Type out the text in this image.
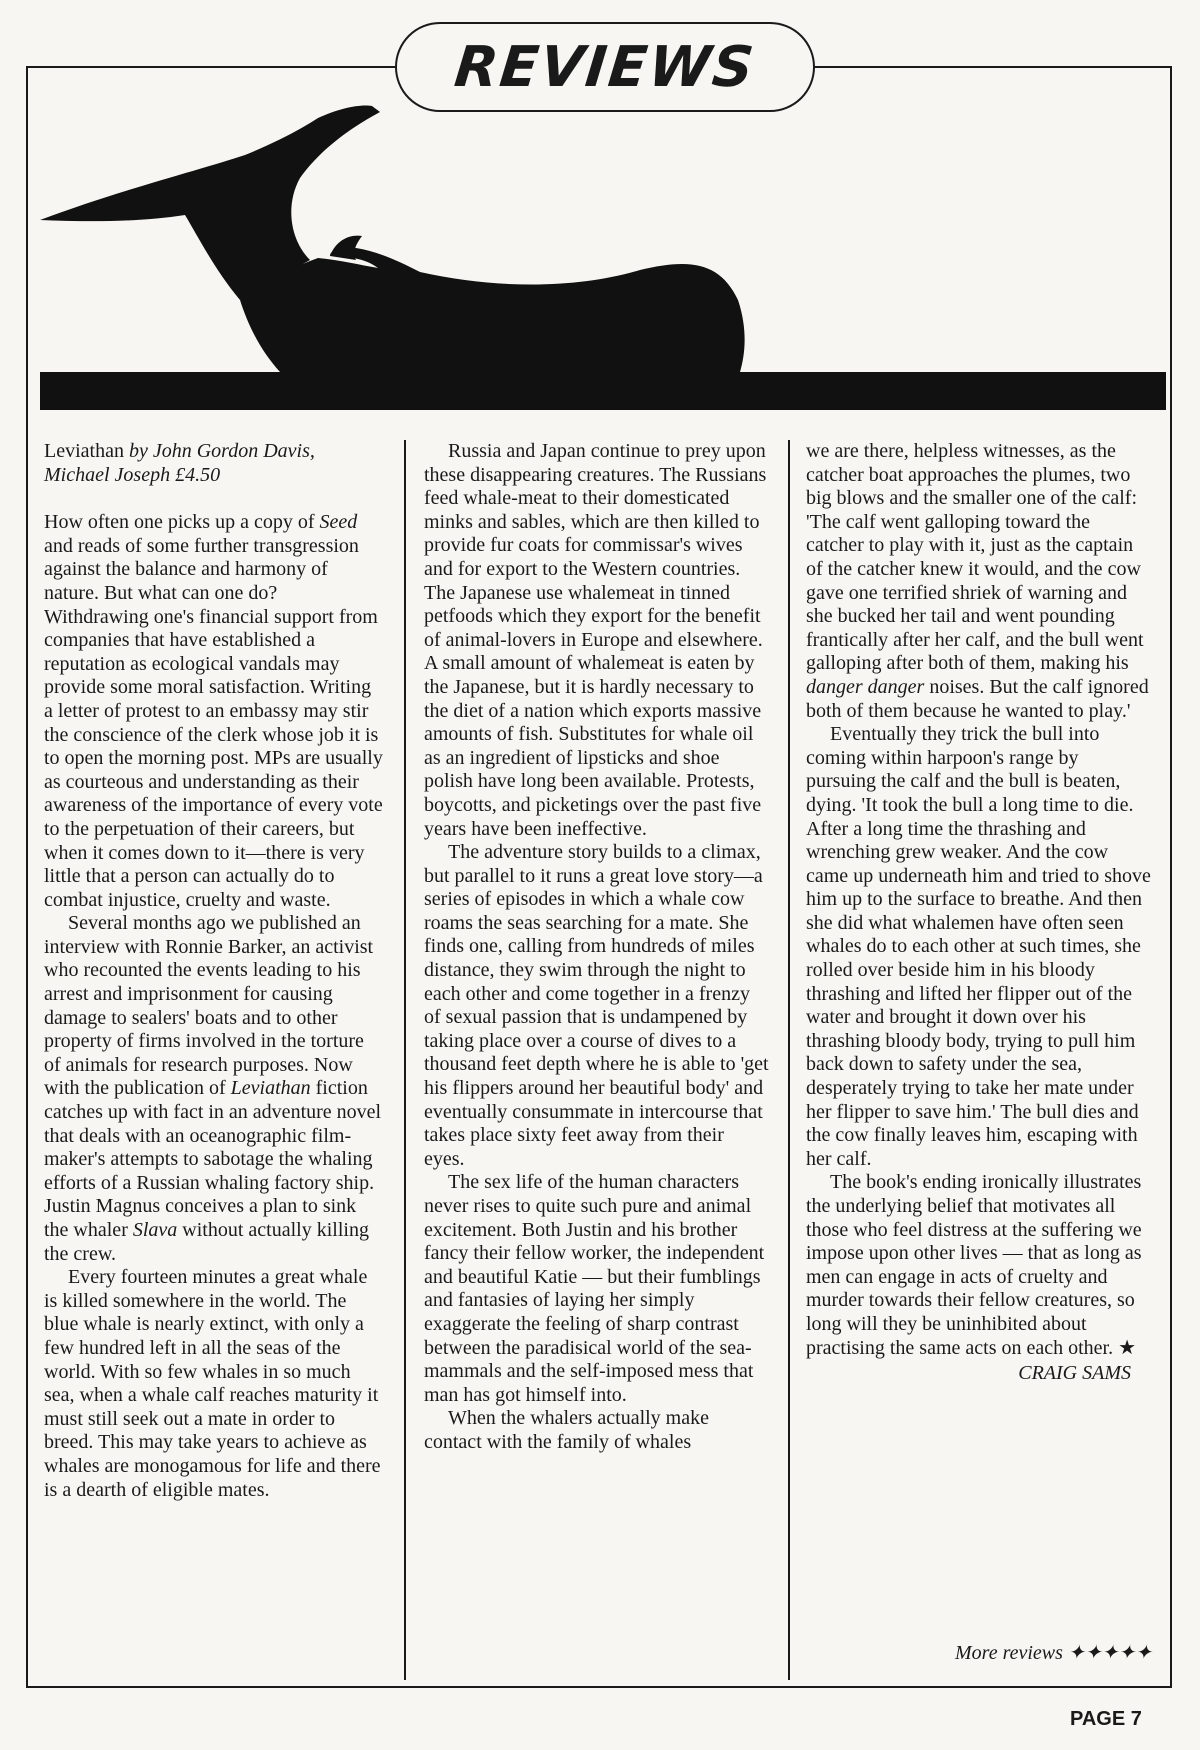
REVIEWS

Leviathan by John Gordon Davis,
Michael Joseph £4.50

How often one picks up a copy of Seed and reads of some further transgression against the balance and harmony of nature. But what can one do? Withdrawing one's financial support from companies that have established a reputation as ecological vandals may provide some moral satisfaction. Writing a letter of protest to an embassy may stir the conscience of the clerk whose job it is to open the morning post. MPs are usually as courteous and understanding as their awareness of the importance of every vote to the perpetuation of their careers, but when it comes down to it—there is very little that a person can actually do to combat injustice, cruelty and waste.

Several months ago we published an interview with Ronnie Barker, an activist who recounted the events leading to his arrest and imprisonment for causing damage to sealers' boats and to other property of firms involved in the torture of animals for research purposes. Now with the publication of Leviathan fiction catches up with fact in an adventure novel that deals with an oceanographic film-maker's attempts to sabotage the whaling efforts of a Russian whaling factory ship. Justin Magnus conceives a plan to sink the whaler Slava without actually killing the crew.

Every fourteen minutes a great whale is killed somewhere in the world. The blue whale is nearly extinct, with only a few hundred left in all the seas of the world. With so few whales in so much sea, when a whale calf reaches maturity it must still seek out a mate in order to breed. This may take years to achieve as whales are monogamous for life and there is a dearth of eligible mates.

Russia and Japan continue to prey upon these disappearing creatures. The Russians feed whale-meat to their domesticated minks and sables, which are then killed to provide fur coats for commissar's wives and for export to the Western countries. The Japanese use whalemeat in tinned petfoods which they export for the benefit of animal-lovers in Europe and elsewhere. A small amount of whalemeat is eaten by the Japanese, but it is hardly necessary to the diet of a nation which exports massive amounts of fish. Substitutes for whale oil as an ingredient of lipsticks and shoe polish have long been available. Protests, boycotts, and picketings over the past five years have been ineffective.

The adventure story builds to a climax, but parallel to it runs a great love story—a series of episodes in which a whale cow roams the seas searching for a mate. She finds one, calling from hundreds of miles distance, they swim through the night to each other and come together in a frenzy of sexual passion that is undampened by taking place over a course of dives to a thousand feet depth where he is able to 'get his flippers around her beautiful body' and eventually consummate in intercourse that takes place sixty feet away from their eyes.

The sex life of the human characters never rises to quite such pure and animal excitement. Both Justin and his brother fancy their fellow worker, the independent and beautiful Katie — but their fumblings and fantasies of laying her simply exaggerate the feeling of sharp contrast between the paradisical world of the sea-mammals and the self-imposed mess that man has got himself into.

When the whalers actually make contact with the family of whales

we are there, helpless witnesses, as the catcher boat approaches the plumes, two big blows and the smaller one of the calf: 'The calf went galloping toward the catcher to play with it, just as the captain of the catcher knew it would, and the cow gave one terrified shriek of warning and she bucked her tail and went pounding frantically after her calf, and the bull went galloping after both of them, making his danger danger noises. But the calf ignored both of them because he wanted to play.'

Eventually they trick the bull into coming within harpoon's range by pursuing the calf and the bull is beaten, dying. 'It took the bull a long time to die. After a long time the thrashing and wrenching grew weaker. And the cow came up underneath him and tried to shove him up to the surface to breathe. And then she did what whalemen have often seen whales do to each other at such times, she rolled over beside him in his bloody thrashing and lifted her flipper out of the water and brought it down over his thrashing bloody body, trying to pull him back down to safety under the sea, desperately trying to take her mate under her flipper to save him.' The bull dies and the cow finally leaves him, escaping with her calf.

The book's ending ironically illustrates the underlying belief that motivates all those who feel distress at the suffering we impose upon other lives — that as long as men can engage in acts of cruelty and murder towards their fellow creatures, so long will they be uninhibited about practising the same acts on each other. ★

CRAIG SAMS

More reviews ✦✦✦✦✦
PAGE 7
